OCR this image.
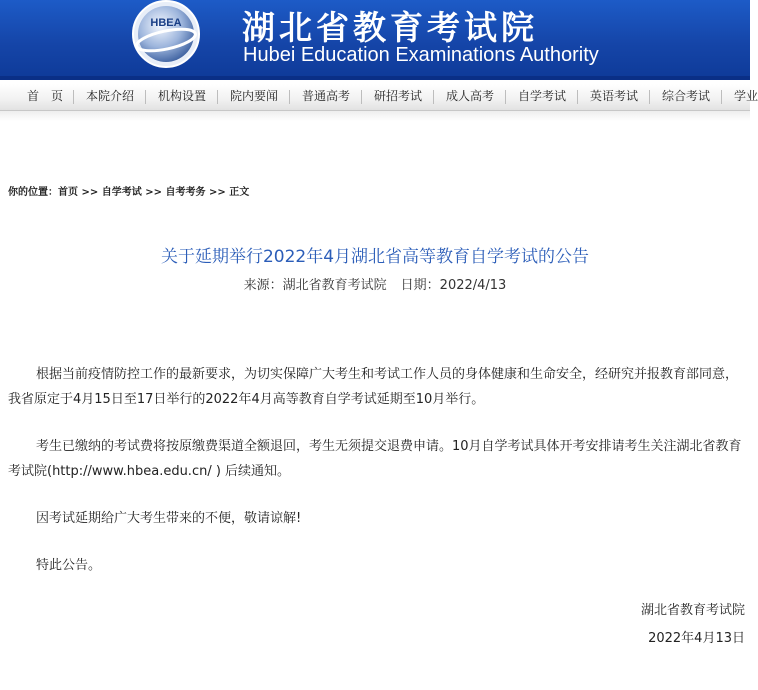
HBEA 湖北省教育考试院
Hubei Education Examinations Authority
首　页 本院介绍 机构设置 院内要闻 普通高考 研招考试 成人高考 自学考试 英语考试 综合考试 学业
你的位置：首页 >> 自学考试 >> 自考考务 >> 正文
关于延期举行2022年4月湖北省高等教育自学考试的公告
来源：湖北省教育考试院 日期：2022/4/13

根据当前疫情防控工作的最新要求，为切实保障广大考生和考试工作人员的身体健康和生命安全，经研究并报教育部同意，我省原定于4月15日至17日举行的2022年4月高等教育自学考试延期至10月举行。

考生已缴纳的考试费将按原缴费渠道全额退回，考生无须提交退费申请。10月自学考试具体开考安排请考生关注湖北省教育考试院(http://www.hbea.edu.cn/ ) 后续通知。

因考试延期给广大考生带来的不便，敬请谅解!

特此公告。

湖北省教育考试院
2022年4月13日
